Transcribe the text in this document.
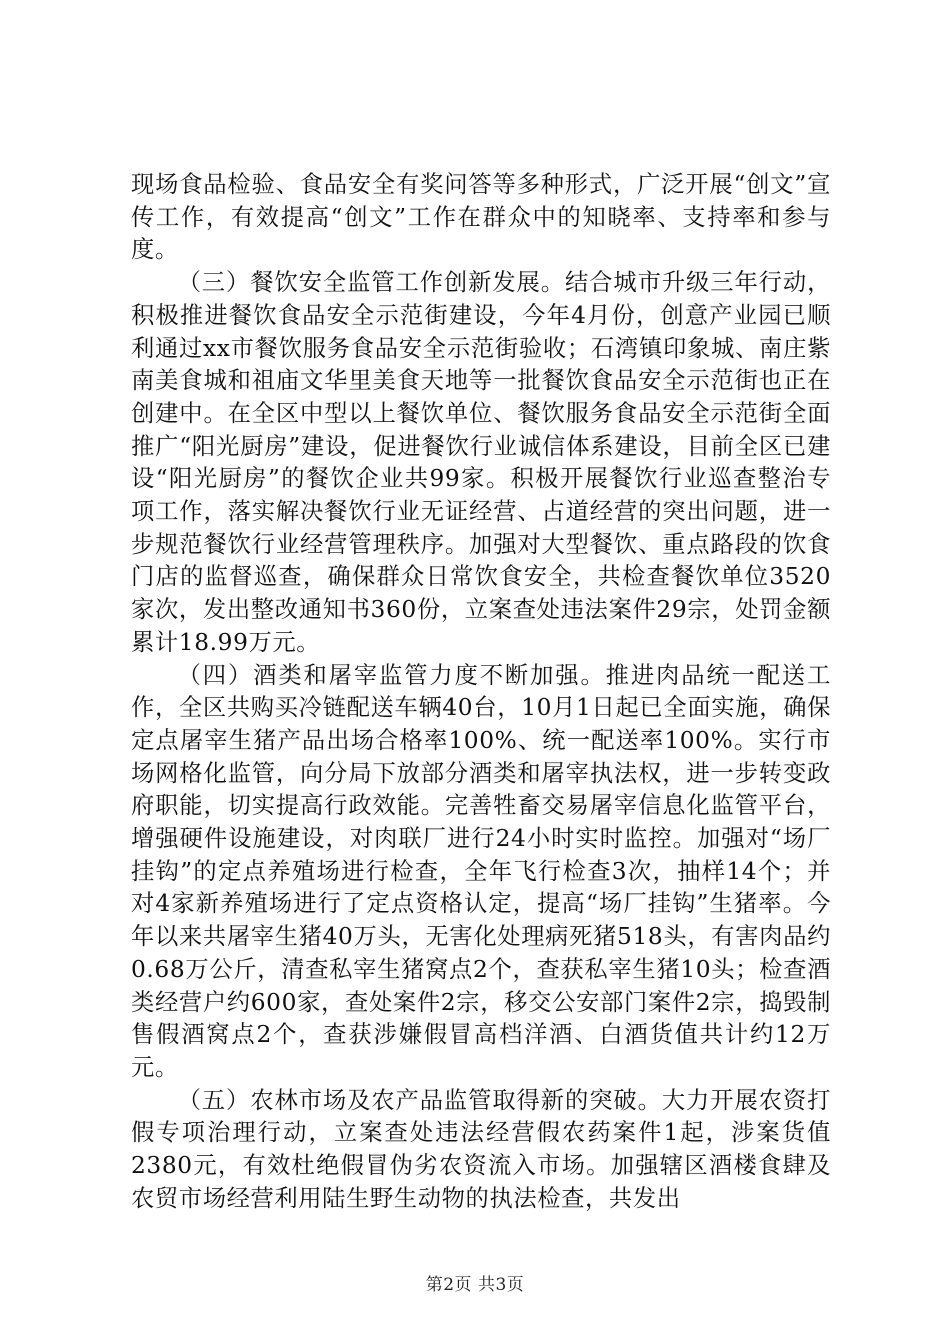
现场食品检验、食品安全有奖问答等多种形式，广泛开展“创文”宣传工作，有效提高“创文”工作在群众中的知晓率、支持率和参与度。

（三）餐饮安全监管工作创新发展。结合城市升级三年行动，积极推进餐饮食品安全示范街建设，今年4月份，创意产业园已顺利通过xx市餐饮服务食品安全示范街验收；石湾镇印象城、南庄紫南美食城和祖庙文华里美食天地等一批餐饮食品安全示范街也正在创建中。在全区中型以上餐饮单位、餐饮服务食品安全示范街全面推广“阳光厨房”建设，促进餐饮行业诚信体系建设，目前全区已建设“阳光厨房”的餐饮企业共99家。积极开展餐饮行业巡查整治专项工作，落实解决餐饮行业无证经营、占道经营的突出问题，进一步规范餐饮行业经营管理秩序。加强对大型餐饮、重点路段的饮食门店的监督巡查，确保群众日常饮食安全，共检查餐饮单位3520家次，发出整改通知书360份，立案查处违法案件29宗，处罚金额累计18.99万元。

（四）酒类和屠宰监管力度不断加强。推进肉品统一配送工作，全区共购买冷链配送车辆40台，10月1日起已全面实施，确保定点屠宰生猪产品出场合格率100%、统一配送率100%。实行市场网格化监管，向分局下放部分酒类和屠宰执法权，进一步转变政府职能，切实提高行政效能。完善牲畜交易屠宰信息化监管平台，增强硬件设施建设，对肉联厂进行24小时实时监控。加强对“场厂挂钩”的定点养殖场进行检查，全年飞行检查3次，抽样14个；并对4家新养殖场进行了定点资格认定，提高“场厂挂钩”生猪率。今年以来共屠宰生猪40万头，无害化处理病死猪518头，有害肉品约0.68万公斤，清查私宰生猪窝点2个，查获私宰生猪10头；检查酒类经营户约600家，查处案件2宗，移交公安部门案件2宗，捣毁制售假酒窝点2个，查获涉嫌假冒高档洋酒、白酒货值共计约12万元。

（五）农林市场及农产品监管取得新的突破。大力开展农资打假专项治理行动，立案查处违法经营假农药案件1起，涉案货值2380元，有效杜绝假冒伪劣农资流入市场。加强辖区酒楼食肆及农贸市场经营利用陆生野生动物的执法检查，共发出

第2页 共3页
